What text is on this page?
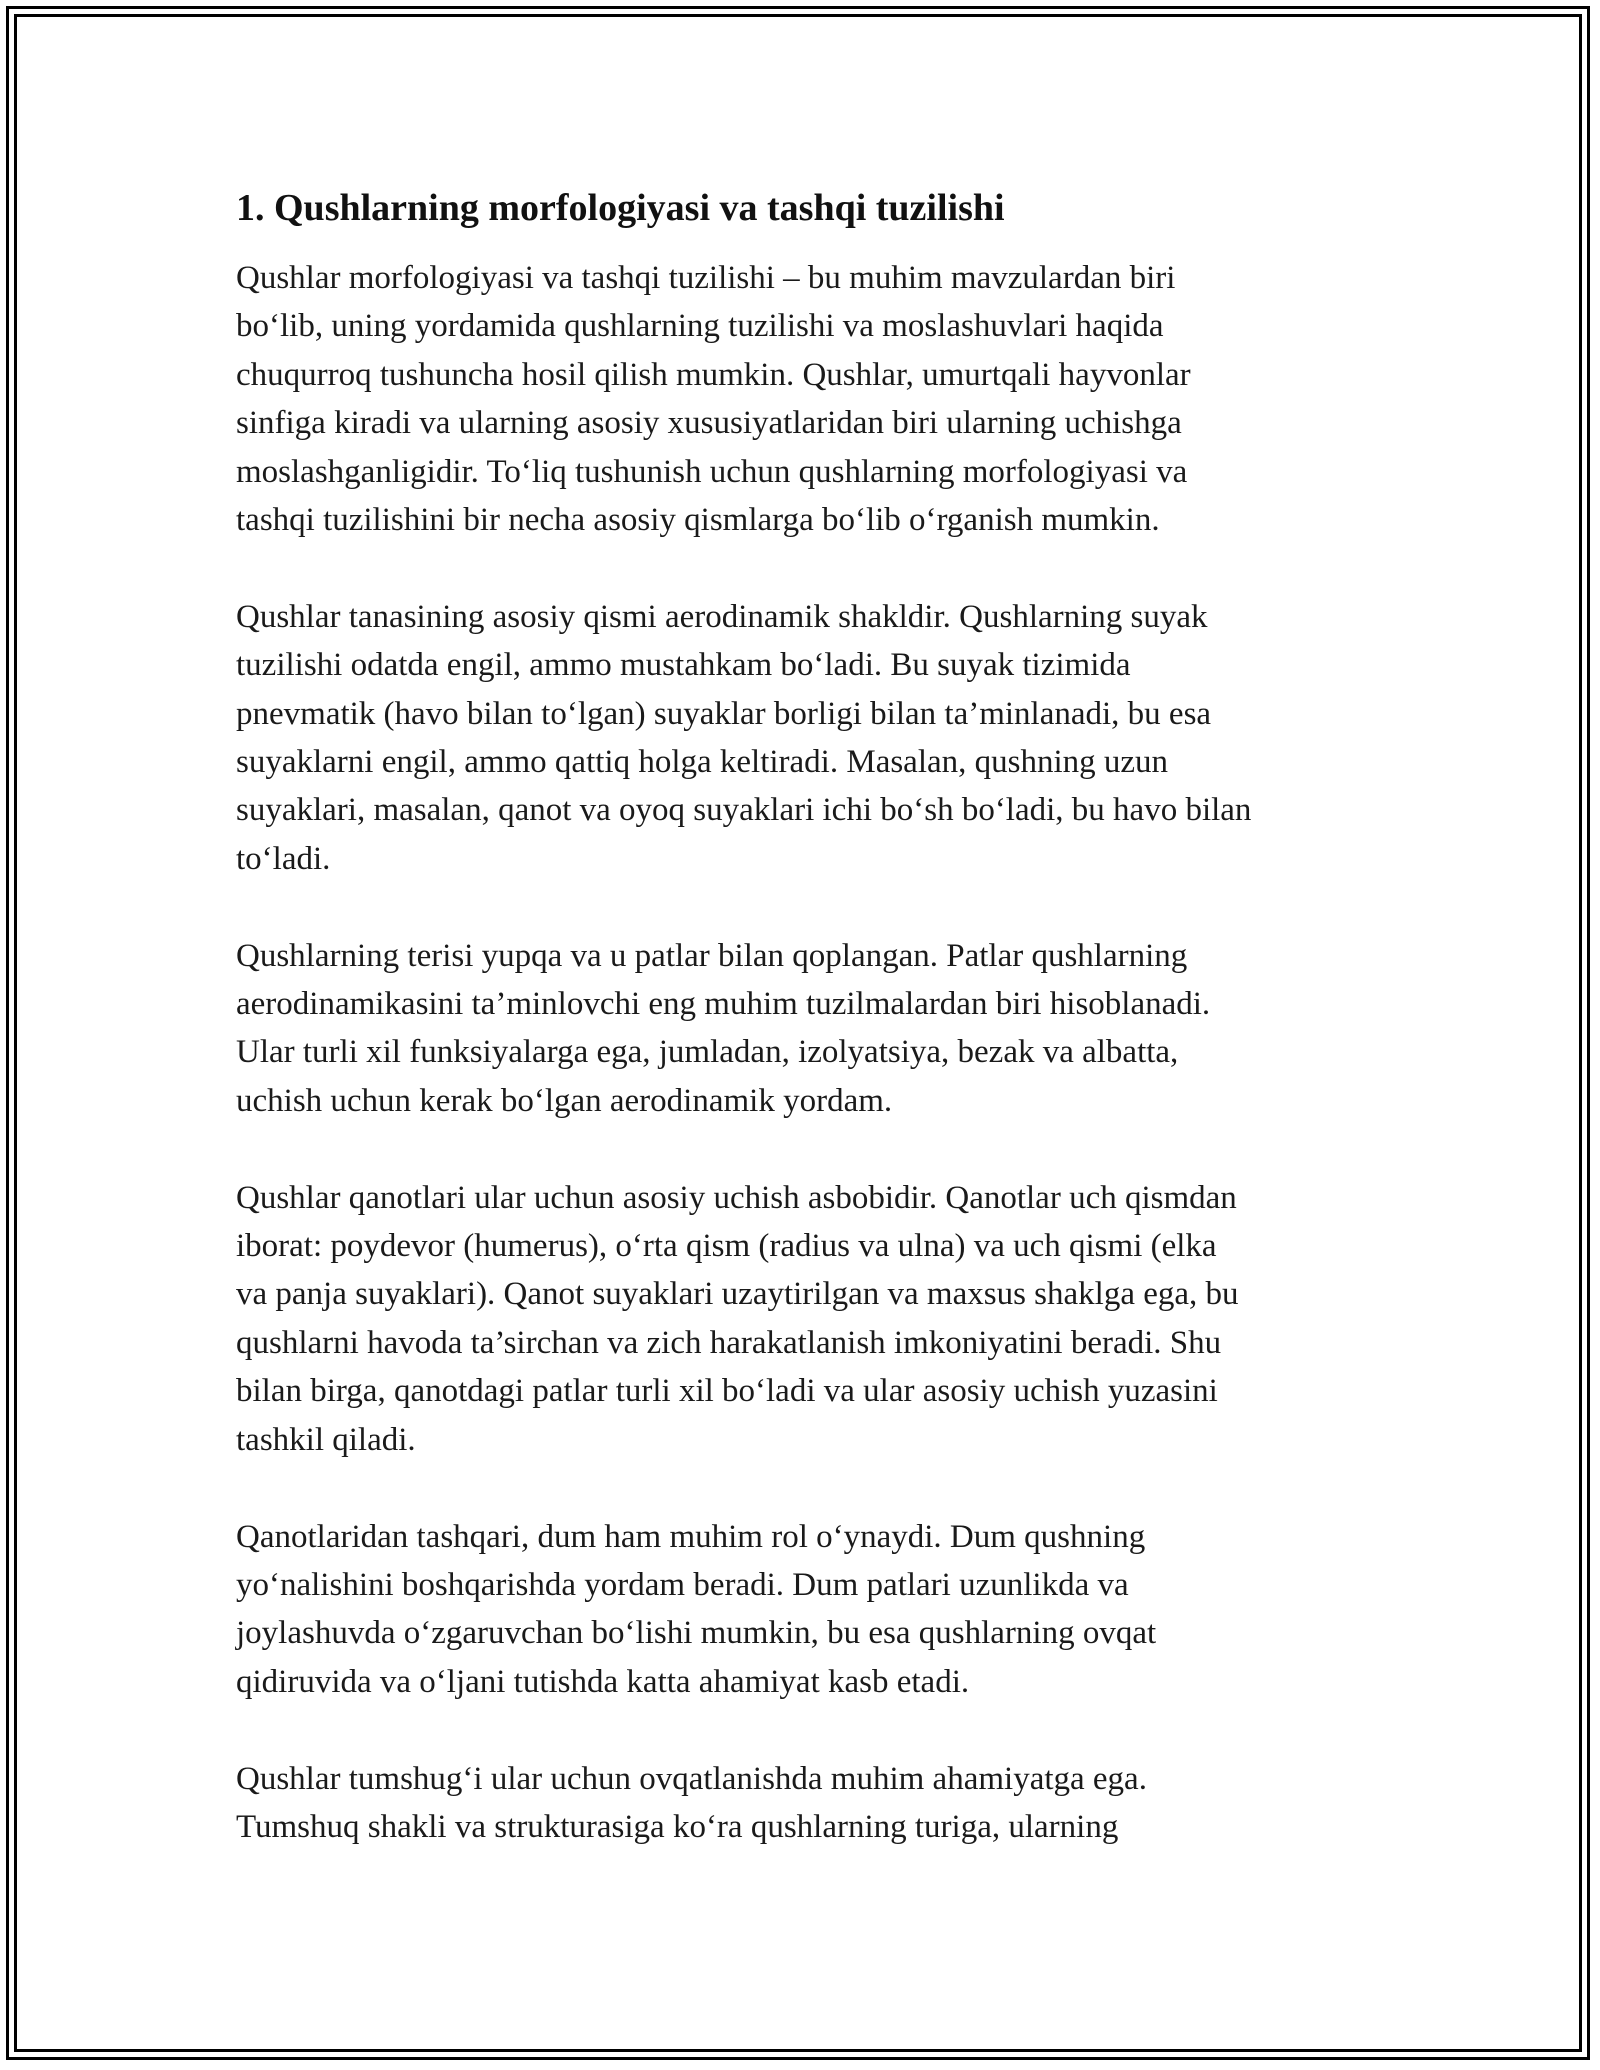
1. Qushlarning morfologiyasi va tashqi tuzilishi

Qushlar morfologiyasi va tashqi tuzilishi – bu muhim mavzulardan biri
bo‘lib, uning yordamida qushlarning tuzilishi va moslashuvlari haqida
chuqurroq tushuncha hosil qilish mumkin. Qushlar, umurtqali hayvonlar
sinfiga kiradi va ularning asosiy xususiyatlaridan biri ularning uchishga
moslashganligidir. To‘liq tushunish uchun qushlarning morfologiyasi va
tashqi tuzilishini bir necha asosiy qismlarga bo‘lib o‘rganish mumkin.

Qushlar tanasining asosiy qismi aerodinamik shakldir. Qushlarning suyak
tuzilishi odatda engil, ammo mustahkam bo‘ladi. Bu suyak tizimida
pnevmatik (havo bilan to‘lgan) suyaklar borligi bilan ta’minlanadi, bu esa
suyaklarni engil, ammo qattiq holga keltiradi. Masalan, qushning uzun
suyaklari, masalan, qanot va oyoq suyaklari ichi bo‘sh bo‘ladi, bu havo bilan
to‘ladi.

Qushlarning terisi yupqa va u patlar bilan qoplangan. Patlar qushlarning
aerodinamikasini ta’minlovchi eng muhim tuzilmalardan biri hisoblanadi.
Ular turli xil funksiyalarga ega, jumladan, izolyatsiya, bezak va albatta,
uchish uchun kerak bo‘lgan aerodinamik yordam.

Qushlar qanotlari ular uchun asosiy uchish asbobidir. Qanotlar uch qismdan
iborat: poydevor (humerus), o‘rta qism (radius va ulna) va uch qismi (elka
va panja suyaklari). Qanot suyaklari uzaytirilgan va maxsus shaklga ega, bu
qushlarni havoda ta’sirchan va zich harakatlanish imkoniyatini beradi. Shu
bilan birga, qanotdagi patlar turli xil bo‘ladi va ular asosiy uchish yuzasini
tashkil qiladi.

Qanotlaridan tashqari, dum ham muhim rol o‘ynaydi. Dum qushning
yo‘nalishini boshqarishda yordam beradi. Dum patlari uzunlikda va
joylashuvda o‘zgaruvchan bo‘lishi mumkin, bu esa qushlarning ovqat
qidiruvida va o‘ljani tutishda katta ahamiyat kasb etadi.

Qushlar tumshug‘i ular uchun ovqatlanishda muhim ahamiyatga ega.
Tumshuq shakli va strukturasiga ko‘ra qushlarning turiga, ularning
